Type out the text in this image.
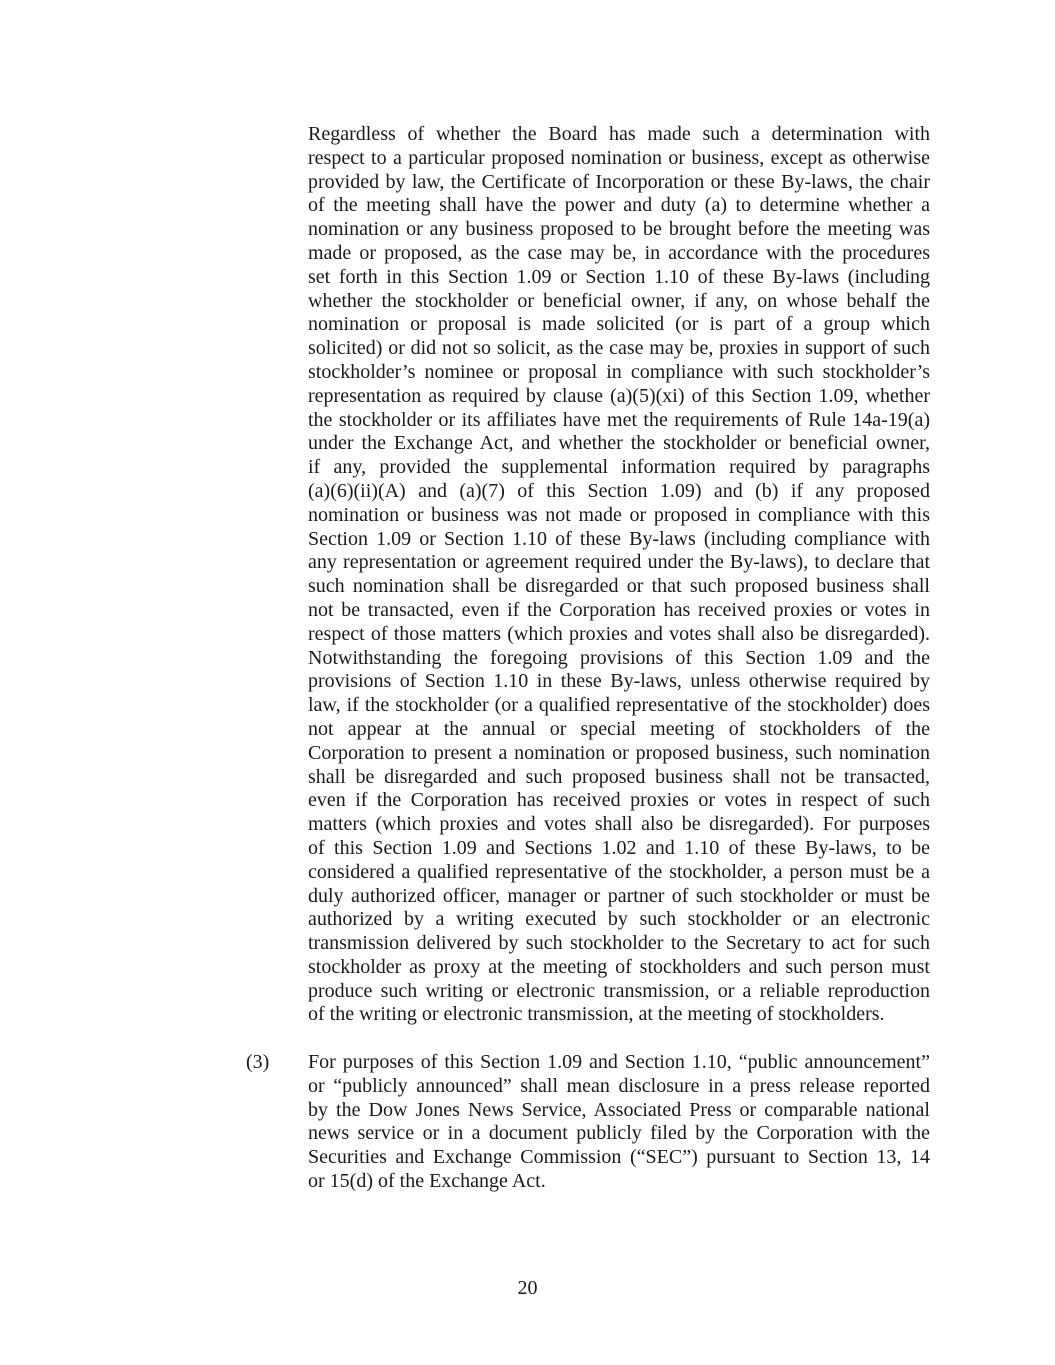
Regardless of whether the Board has made such a determination with
respect to a particular proposed nomination or business, except as otherwise
provided by law, the Certificate of Incorporation or these By-laws, the chair
of the meeting shall have the power and duty (a) to determine whether a
nomination or any business proposed to be brought before the meeting was
made or proposed, as the case may be, in accordance with the procedures
set forth in this Section 1.09 or Section 1.10 of these By-laws (including
whether the stockholder or beneficial owner, if any, on whose behalf the
nomination or proposal is made solicited (or is part of a group which
solicited) or did not so solicit, as the case may be, proxies in support of such
stockholder’s nominee or proposal in compliance with such stockholder’s
representation as required by clause (a)(5)(xi) of this Section 1.09, whether
the stockholder or its affiliates have met the requirements of Rule 14a-19(a)
under the Exchange Act, and whether the stockholder or beneficial owner,
if any, provided the supplemental information required by paragraphs
(a)(6)(ii)(A) and (a)(7) of this Section 1.09) and (b) if any proposed
nomination or business was not made or proposed in compliance with this
Section 1.09 or Section 1.10 of these By-laws (including compliance with
any representation or agreement required under the By-laws), to declare that
such nomination shall be disregarded or that such proposed business shall
not be transacted, even if the Corporation has received proxies or votes in
respect of those matters (which proxies and votes shall also be disregarded).
Notwithstanding the foregoing provisions of this Section 1.09 and the
provisions of Section 1.10 in these By-laws, unless otherwise required by
law, if the stockholder (or a qualified representative of the stockholder) does
not appear at the annual or special meeting of stockholders of the
Corporation to present a nomination or proposed business, such nomination
shall be disregarded and such proposed business shall not be transacted,
even if the Corporation has received proxies or votes in respect of such
matters (which proxies and votes shall also be disregarded). For purposes
of this Section 1.09 and Sections 1.02 and 1.10 of these By-laws, to be
considered a qualified representative of the stockholder, a person must be a
duly authorized officer, manager or partner of such stockholder or must be
authorized by a writing executed by such stockholder or an electronic
transmission delivered by such stockholder to the Secretary to act for such
stockholder as proxy at the meeting of stockholders and such person must
produce such writing or electronic transmission, or a reliable reproduction
of the writing or electronic transmission, at the meeting of stockholders.
(3) For purposes of this Section 1.09 and Section 1.10, “public announcement”
or “publicly announced” shall mean disclosure in a press release reported
by the Dow Jones News Service, Associated Press or comparable national
news service or in a document publicly filed by the Corporation with the
Securities and Exchange Commission (“SEC”) pursuant to Section 13, 14
or 15(d) of the Exchange Act.
20
